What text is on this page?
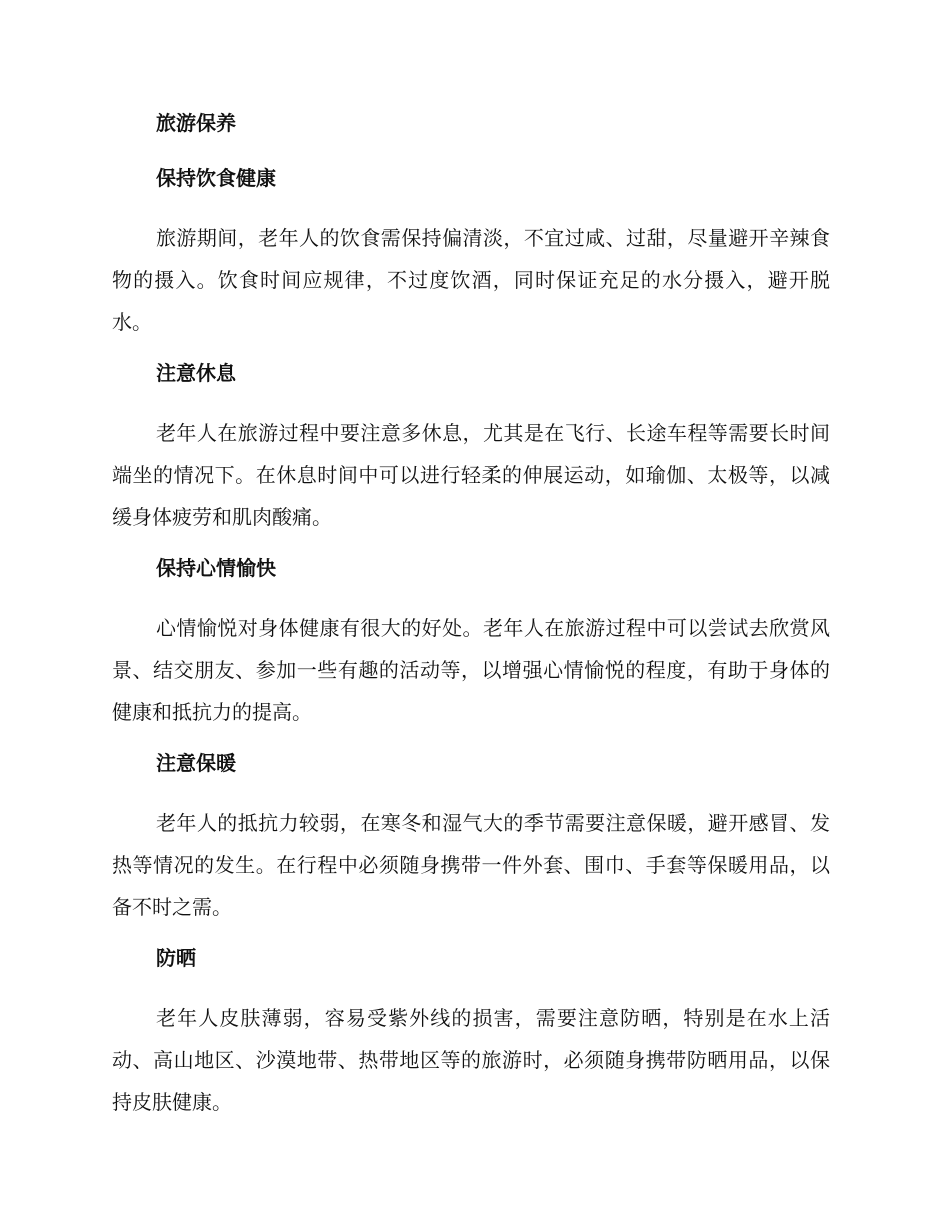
旅游保养
保持饮食健康

旅游期间，老年人的饮食需保持偏清淡，不宜过咸、过甜，尽量避开辛辣食物的摄入。饮食时间应规律，不过度饮酒，同时保证充足的水分摄入，避开脱水。

注意休息

老年人在旅游过程中要注意多休息，尤其是在飞行、长途车程等需要长时间端坐的情况下。在休息时间中可以进行轻柔的伸展运动，如瑜伽、太极等，以减缓身体疲劳和肌肉酸痛。

保持心情愉快

心情愉悦对身体健康有很大的好处。老年人在旅游过程中可以尝试去欣赏风景、结交朋友、参加一些有趣的活动等，以增强心情愉悦的程度，有助于身体的健康和抵抗力的提高。

注意保暖

老年人的抵抗力较弱，在寒冬和湿气大的季节需要注意保暖，避开感冒、发热等情况的发生。在行程中必须随身携带一件外套、围巾、手套等保暖用品，以备不时之需。

防晒

老年人皮肤薄弱，容易受紫外线的损害，需要注意防晒，特别是在水上活动、高山地区、沙漠地带、热带地区等的旅游时，必须随身携带防晒用品，以保持皮肤健康。
